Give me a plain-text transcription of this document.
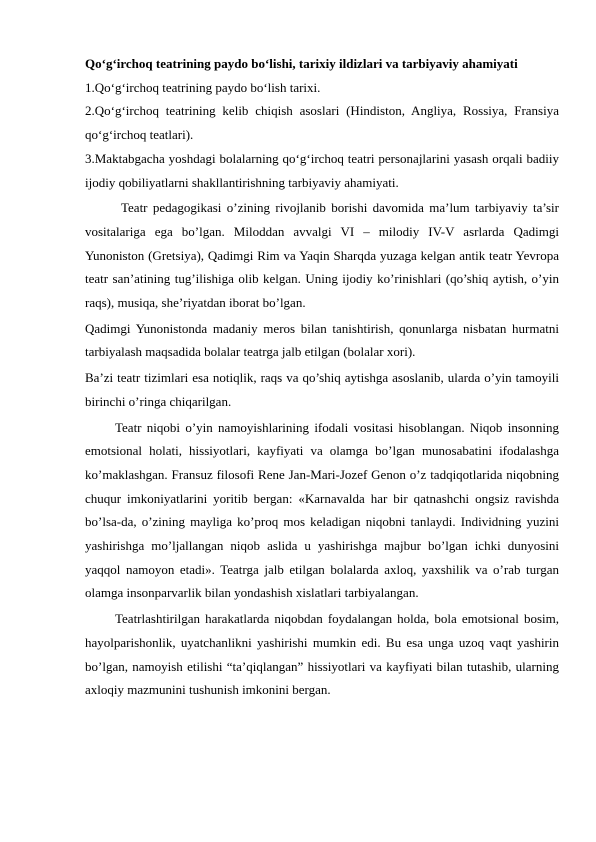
Qo‘g‘irchoq teatrining paydo bo‘lishi, tarixiy ildizlari va tarbiyaviy ahamiyati

1.Qo‘g‘irchoq teatrining paydo bo‘lish tarixi.

2.Qo‘g‘irchoq teatrining kelib chiqish asoslari (Hindiston, Angliya, Rossiya, Fransiya qo‘g‘irchoq teatlari).

3.Maktabgacha yoshdagi bolalarning qo‘g‘irchoq teatri personajlarini yasash orqali badiiy ijodiy qobiliyatlarni shakllantirishning tarbiyaviy ahamiyati.

Teatr pedagogikasi o’zining rivojlanib borishi davomida ma’lum tarbiyaviy ta’sir vositalariga ega bo’lgan. Miloddan avvalgi VI – milodiy IV-V asrlarda Qadimgi Yunoniston (Gretsiya), Qadimgi Rim va Yaqin Sharqda yuzaga kelgan antik teatr Yevropa teatr san’atining tug’ilishiga olib kelgan. Uning ijodiy ko’rinishlari (qo’shiq aytish, o’yin raqs), musiqa, she’riyatdan iborat bo’lgan.

Qadimgi Yunonistonda madaniy meros bilan tanishtirish, qonunlarga nisbatan hurmatni tarbiyalash maqsadida bolalar teatrga jalb etilgan (bolalar xori).

Ba’zi teatr tizimlari esa notiqlik, raqs va qo’shiq aytishga asoslanib, ularda o’yin tamoyili birinchi o’ringa chiqarilgan.

Teatr niqobi o’yin namoyishlarining ifodali vositasi hisoblangan. Niqob insonning emotsional holati, hissiyotlari, kayfiyati va olamga bo’lgan munosabatini ifodalashga ko’maklashgan. Fransuz filosofi Rene Jan-Mari-Jozef Genon o’z tadqiqotlarida niqobning chuqur imkoniyatlarini yoritib bergan: «Karnavalda har bir qatnashchi ongsiz ravishda bo’lsa-da, o’zining mayliga ko’proq mos keladigan niqobni tanlaydi. Individning yuzini yashirishga mo’ljallangan niqob aslida u yashirishga majbur bo’lgan ichki dunyosini yaqqol namoyon etadi». Teatrga jalb etilgan bolalarda axloq, yaxshilik va o’rab turgan olamga insonparvarlik bilan yondashish xislatlari tarbiyalangan.

Teatrlashtirilgan harakatlarda niqobdan foydalangan holda, bola emotsional bosim, hayolparishonlik, uyatchanlikni yashirishi mumkin edi. Bu esa unga uzoq vaqt yashirin bo’lgan, namoyish etilishi “ta’qiqlangan” hissiyotlari va kayfiyati bilan tutashib, ularning axloqiy mazmunini tushunish imkonini bergan.
